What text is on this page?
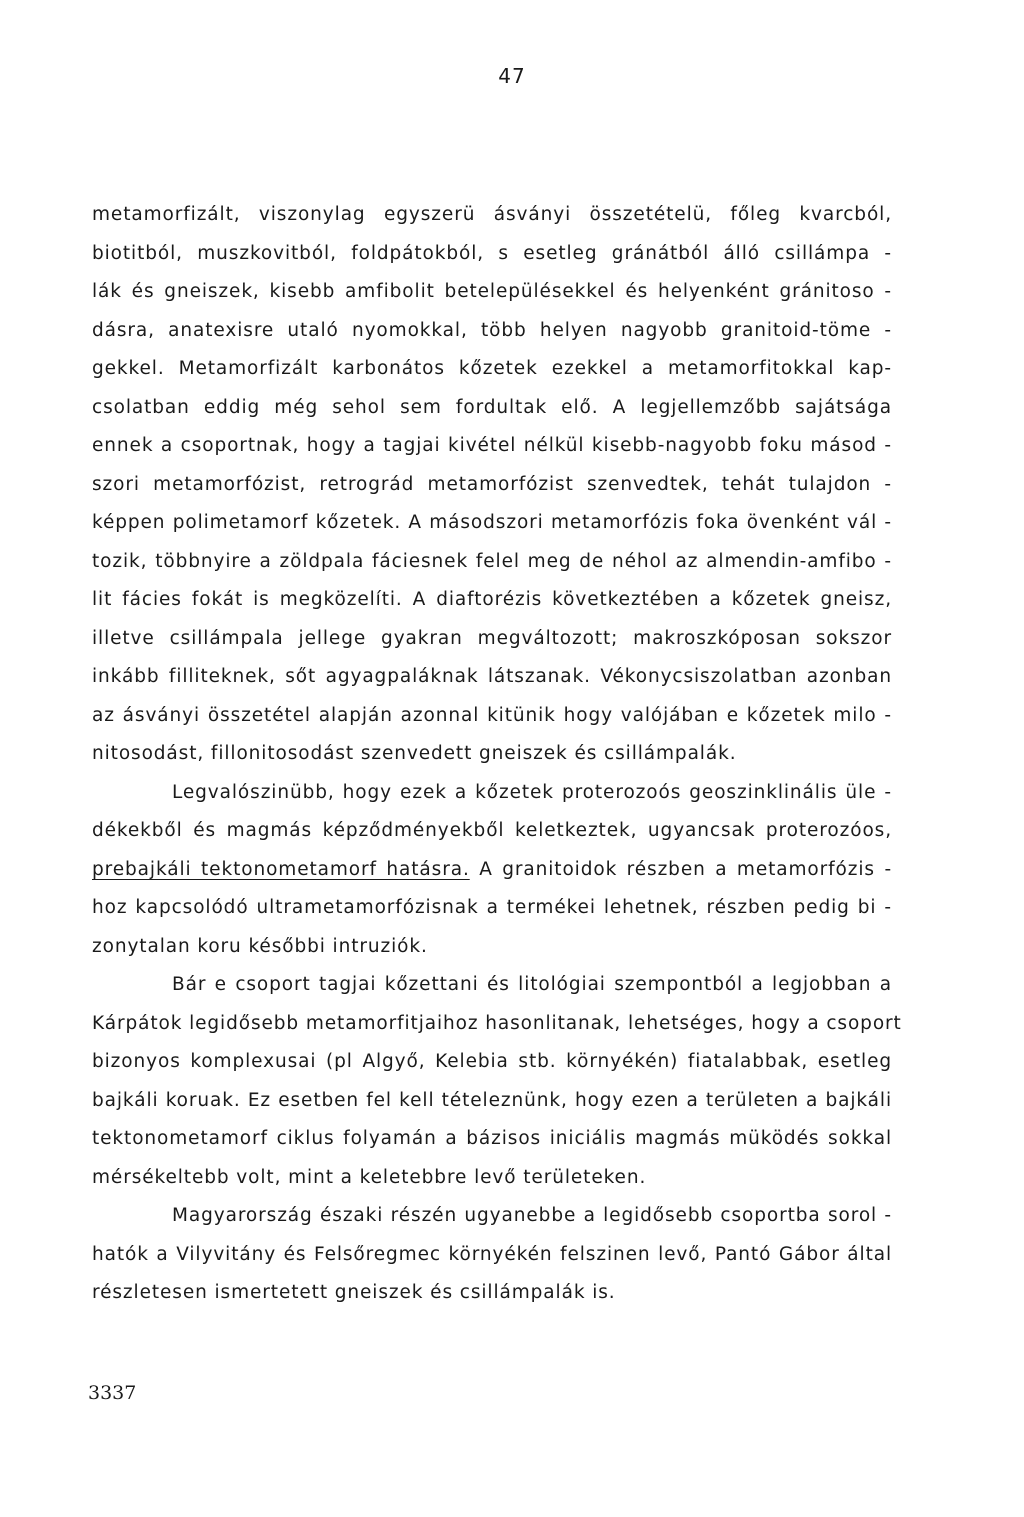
47
metamorfizált, viszonylag egyszerü ásványi összetételü, főleg kvarcból,
biotitból, muszkovitból, foldpátokból, s esetleg gránátból álló csillámpa -
lák és gneiszek, kisebb amfibolit betelepülésekkel és helyenként gránitoso -
dásra, anatexisre utaló nyomokkal, több helyen nagyobb granitoid-töme -
gekkel. Metamorfizált karbonátos kőzetek ezekkel a metamorfitokkal kap-
csolatban eddig még sehol sem fordultak elő. A legjellemzőbb sajátsága
ennek a csoportnak, hogy a tagjai kivétel nélkül kisebb-nagyobb foku másod -
szori metamorfózist, retrográd metamorfózist szenvedtek, tehát tulajdon -
képpen polimetamorf kőzetek. A másodszori metamorfózis foka övenként vál -
tozik, többnyire a zöldpala fáciesnek felel meg de néhol az almendin-amfibo -
lit fácies fokát is megközelíti. A diaftorézis következtében a kőzetek gneisz,
illetve csillámpala jellege gyakran megváltozott; makroszkóposan sokszor
inkább filliteknek, sőt agyagpaláknak látszanak. Vékonycsiszolatban azonban
az ásványi összetétel alapján azonnal kitünik hogy valójában e kőzetek milo -
nitosodást, fillonitosodást szenvedett gneiszek és csillámpalák.
Legvalószinübb, hogy ezek a kőzetek proterozoós geoszinklinális üle -
dékekből és magmás képződményekből keletkeztek, ugyancsak proterozóos,
prebajkáli tektonometamorf hatásra. A granitoidok részben a metamorfózis -
hoz kapcsolódó ultrametamorfózisnak a termékei lehetnek, részben pedig bi -
zonytalan koru későbbi intruziók.
Bár e csoport tagjai kőzettani és litológiai szempontból a legjobban a
Kárpátok legidősebb metamorfitjaihoz hasonlitanak, lehetséges, hogy a csoport
bizonyos komplexusai (pl Algyő, Kelebia stb. környékén) fiatalabbak, esetleg
bajkáli koruak. Ez esetben fel kell tételeznünk, hogy ezen a területen a bajkáli
tektonometamorf ciklus folyamán a bázisos iniciális magmás müködés sokkal
mérsékeltebb volt, mint a keletebbre levő területeken.
Magyarország északi részén ugyanebbe a legidősebb csoportba sorol -
hatók a Vilyvitány és Felsőregmec környékén felszinen levő, Pantó Gábor által
részletesen ismertetett gneiszek és csillámpalák is.
3337
